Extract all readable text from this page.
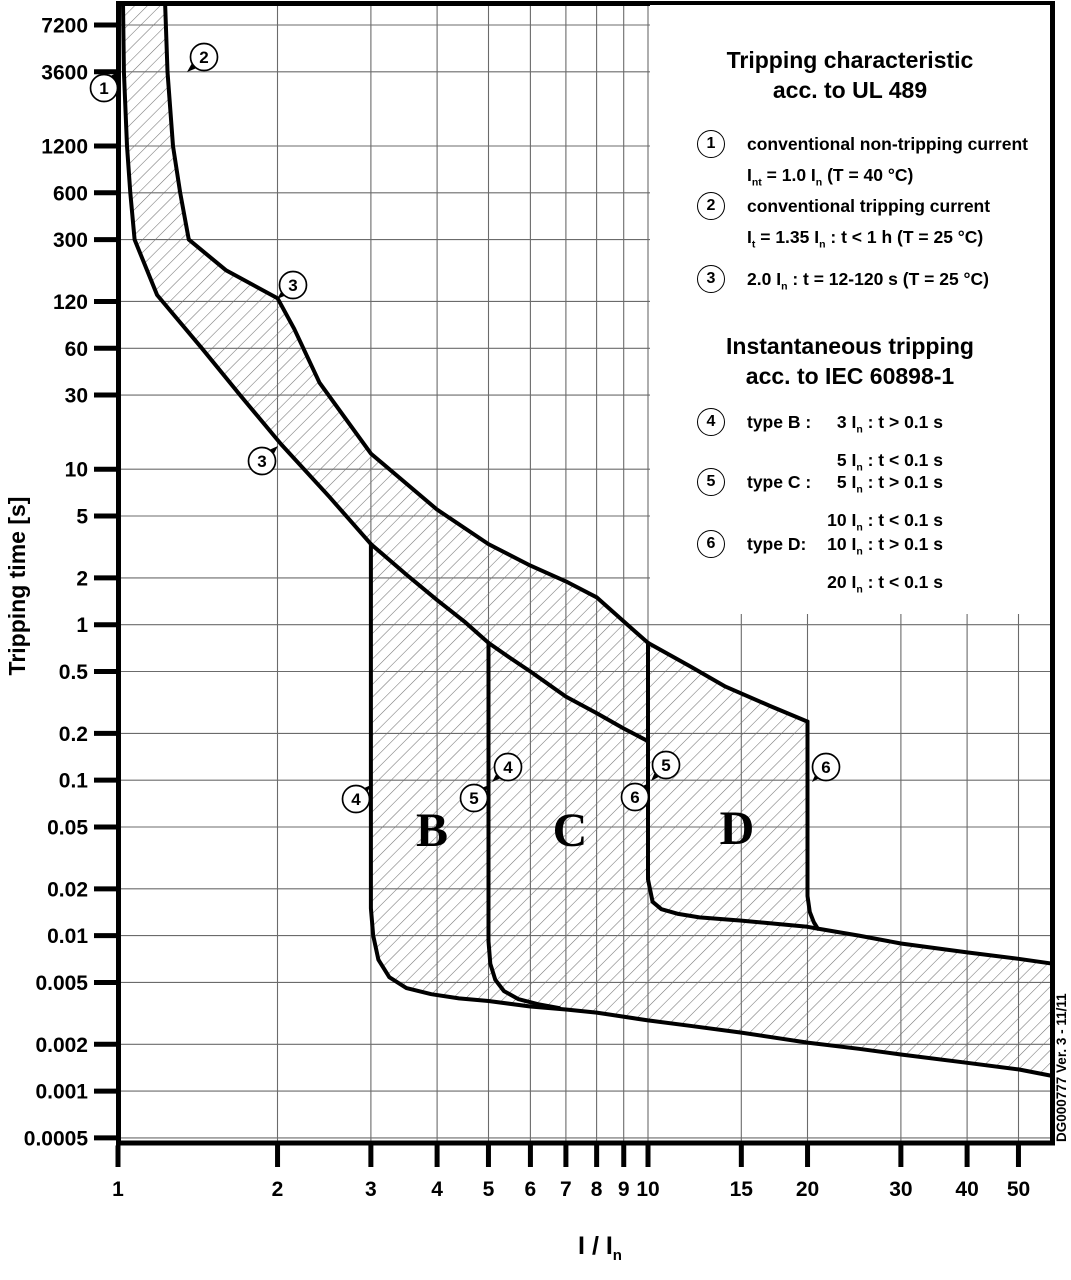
7200
3600
1200
600
300
120
60
30
10
5
2
1
0.5
0.2
0.1
0.05
0.02
0.01
0.005
0.002
0.001
0.0005
1	2	3	4 5 6 7 8 9 10	15 20	30 40 50
B C	D
1
2
3
3
4
4
5
5
6
6
DG000777 Ver. 3 - 11/11
Tripping time [s]
I / $I_n$
Tripping characteristic
acc. to UL 489
1	conventional non-tripping current
$I_{nt} = 1.0$ $I_n$ (T = 40 °C)
2	conventional tripping current
$I_t = 1.35$ $I_n$ : t < 1 h (T = 25 °C)
3	2.0 $I_n$ : t = 12-120 s (T = 25 °C)
Instantaneous tripping
acc. to IEC 60898-1
4	type B :	3 $I_n$ : t > 0.1 s
5 $I_n$ : t < 0.1 s
5	type C :	5 $I_n$ : t > 0.1 s
10 $I_n$ : t < 0.1 s
6	type D:	10 $I_n$ : t > 0.1 s
20 $I_n$ : t < 0.1 s
